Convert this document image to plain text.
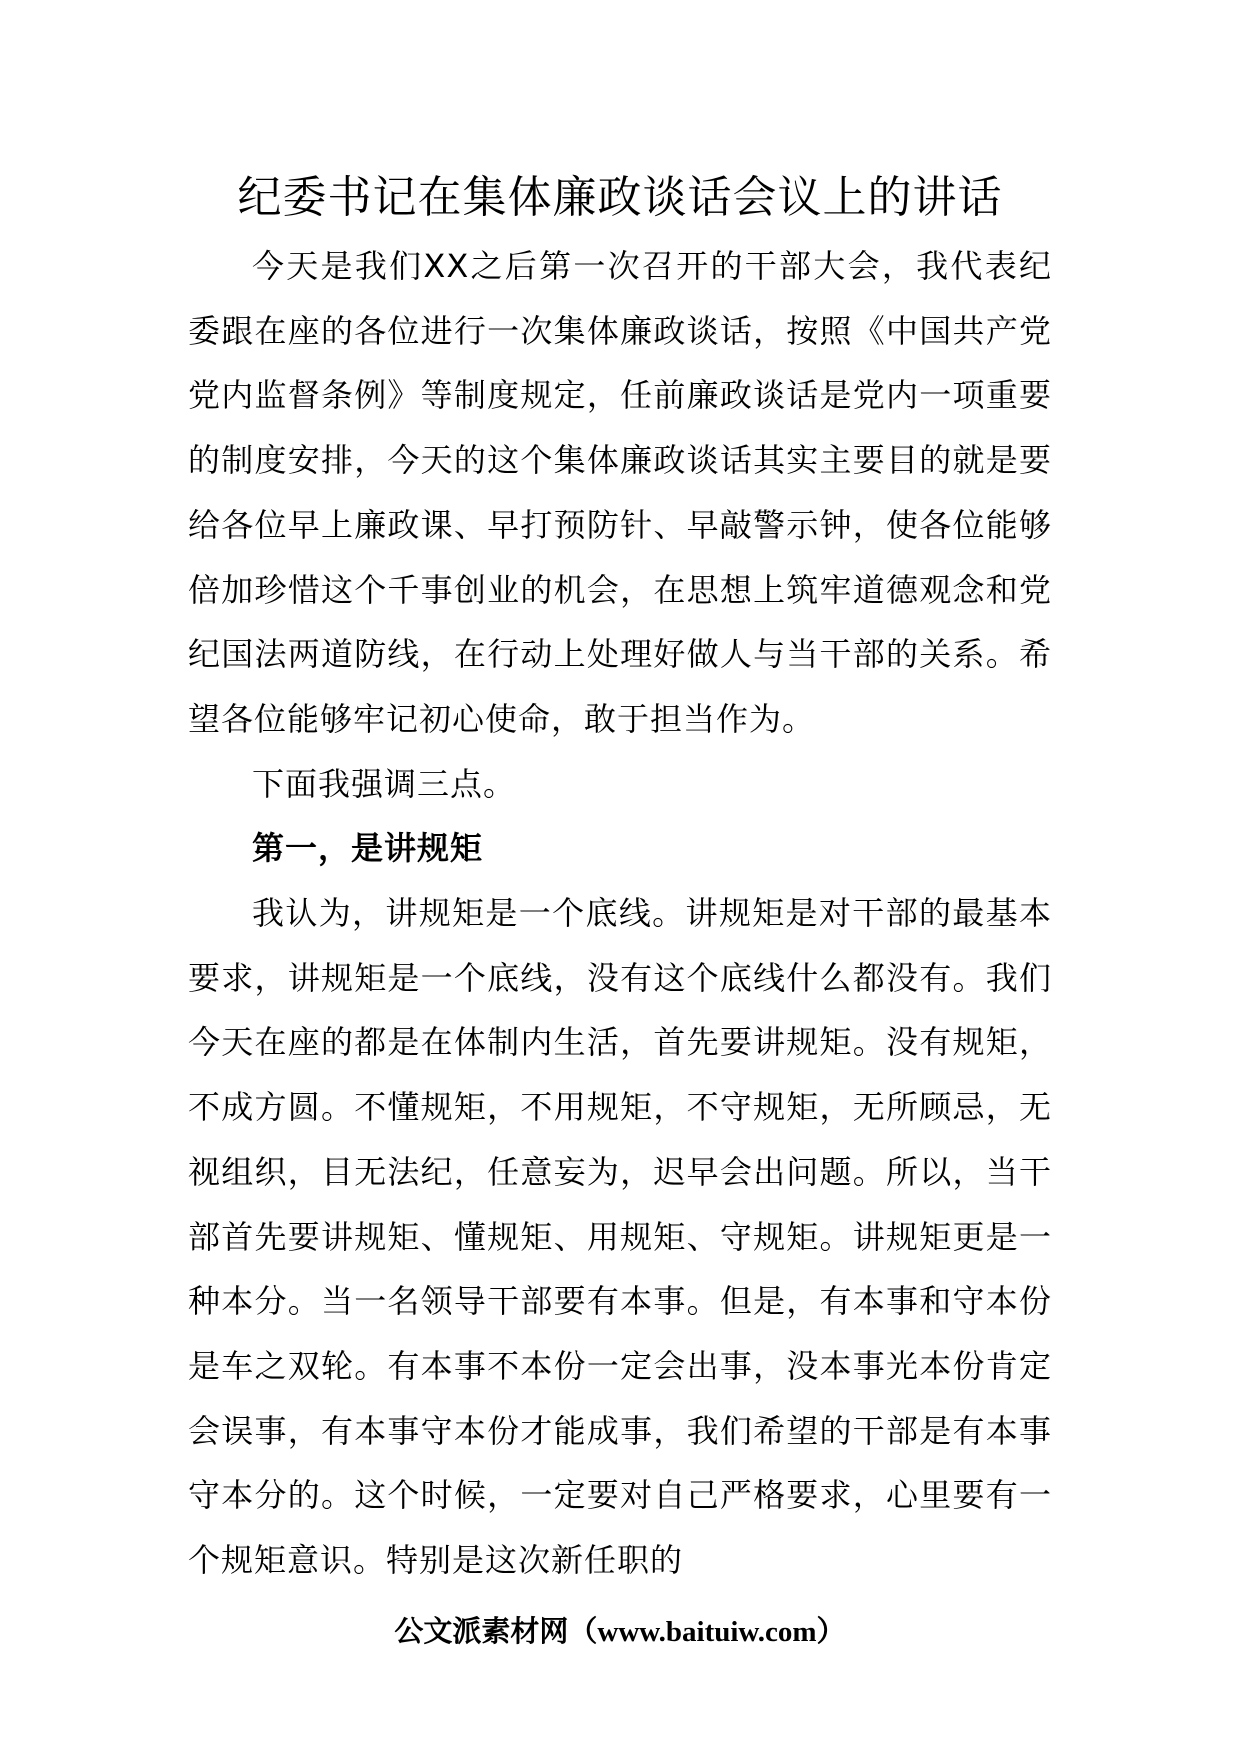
纪委书记在集体廉政谈话会议上的讲话

今天是我们XX之后第一次召开的干部大会，我代表纪委跟在座的各位进行一次集体廉政谈话，按照《中国共产党党内监督条例》等制度规定，任前廉政谈话是党内一项重要的制度安排，今天的这个集体廉政谈话其实主要目的就是要给各位早上廉政课、早打预防针、早敲警示钟，使各位能够倍加珍惜这个千事创业的机会，在思想上筑牢道德观念和党纪国法两道防线，在行动上处理好做人与当干部的关系。希望各位能够牢记初心使命，敢于担当作为。

下面我强调三点。

第一，是讲规矩

我认为，讲规矩是一个底线。讲规矩是对干部的最基本要求，讲规矩是一个底线，没有这个底线什么都没有。我们今天在座的都是在体制内生活，首先要讲规矩。没有规矩，不成方圆。不懂规矩，不用规矩，不守规矩，无所顾忌，无视组织，目无法纪，任意妄为，迟早会出问题。所以，当干部首先要讲规矩、懂规矩、用规矩、守规矩。讲规矩更是一种本分。当一名领导干部要有本事。但是，有本事和守本份是车之双轮。有本事不本份一定会出事，没本事光本份肯定会误事，有本事守本份才能成事，我们希望的干部是有本事守本分的。这个时候，一定要对自己严格要求，心里要有一个规矩意识。特别是这次新任职的

公文派素材网（www.baituiw.com）
